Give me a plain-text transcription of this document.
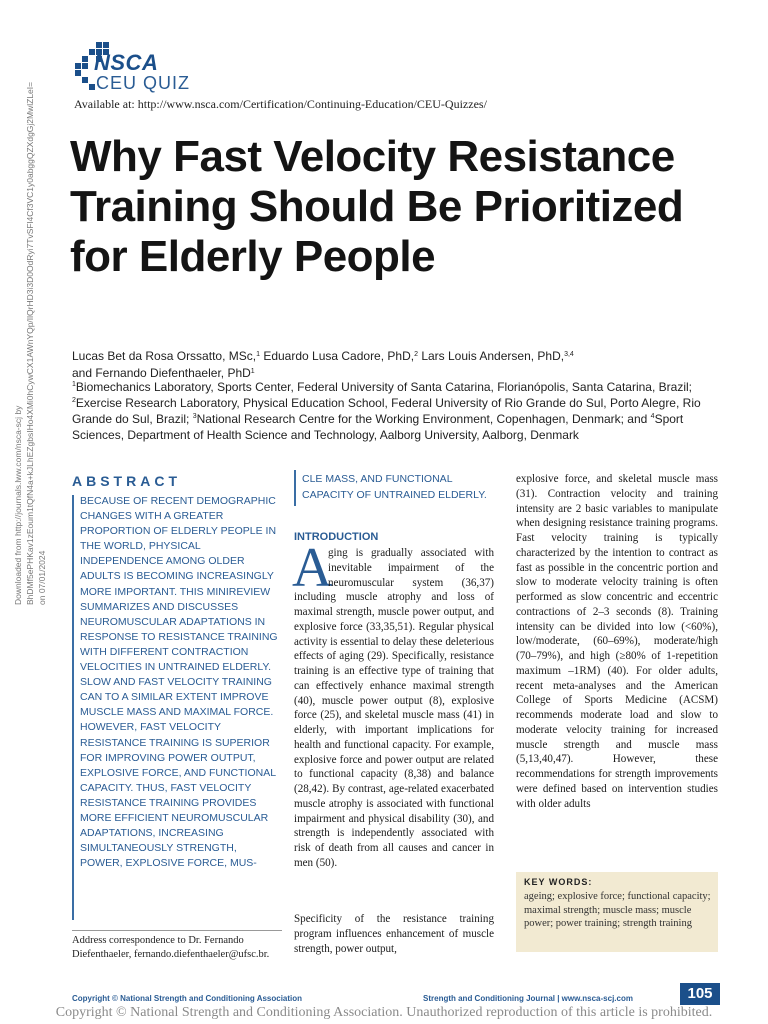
NSCA
CEU QUIZ
Available at: http://www.nsca.com/Certification/Continuing-Education/CEU-Quizzes/
Downloaded from http://journals.lww.com/nsca-scj by BhDMf5ePHKav1zEoum1tQfN4a+kJLhEZgbsIHo4XMi0hCywCX1AWnYQp/IlQrHD3i3D0OdRyi7TvSFl4Cf3VC1y0abggQZXdgGj2MwlZLeI= on 07/01/2024
Why Fast Velocity Resistance Training Should Be Prioritized for Elderly People
Lucas Bet da Rosa Orssatto, MSc,$^1$ Eduardo Lusa Cadore, PhD,$^2$ Lars Louis Andersen, PhD,$^{3,4}$
and Fernando Diefenthaeler, PhD$^1$
$^1$Biomechanics Laboratory, Sports Center, Federal University of Santa Catarina, Florianópolis, Santa Catarina, Brazil; $^2$Exercise Research Laboratory, Physical Education School, Federal University of Rio Grande do Sul, Porto Alegre, Rio Grande do Sul, Brazil; $^3$National Research Centre for the Working Environment, Copenhagen, Denmark; and $^4$Sport Sciences, Department of Health Science and Technology, Aalborg University, Aalborg, Denmark
ABSTRACT
BECAUSE OF RECENT DEMOGRAPHIC CHANGES WITH A GREATER PROPORTION OF ELDERLY PEOPLE IN THE WORLD, PHYSICAL INDEPENDENCE AMONG OLDER ADULTS IS BECOMING INCREASINGLY MORE IMPORTANT. THIS MINIREVIEW SUMMARIZES AND DISCUSSES NEUROMUSCULAR ADAPTATIONS IN RESPONSE TO RESISTANCE TRAINING WITH DIFFERENT CONTRACTION VELOCITIES IN UNTRAINED ELDERLY. SLOW AND FAST VELOCITY TRAINING CAN TO A SIMILAR EXTENT IMPROVE MUSCLE MASS AND MAXIMAL FORCE. HOWEVER, FAST VELOCITY RESISTANCE TRAINING IS SUPERIOR FOR IMPROVING POWER OUTPUT, EXPLOSIVE FORCE, AND FUNCTIONAL CAPACITY. THUS, FAST VELOCITY RESISTANCE TRAINING PROVIDES MORE EFFICIENT NEUROMUSCULAR ADAPTATIONS, INCREASING SIMULTANEOUSLY STRENGTH, POWER, EXPLOSIVE FORCE, MUS-
CLE MASS, AND FUNCTIONAL CAPACITY OF UNTRAINED ELDERLY.
Address correspondence to Dr. Fernando Diefenthaeler, fernando.diefenthaeler@ufsc.br.
INTRODUCTION
A
ging is gradually associated with inevitable impairment of the neuromuscular system (36,37) including muscle atrophy and loss of maximal strength, muscle power output, and explosive force (33,35,51). Regular physical activity is essential to delay these deleterious effects of aging (29). Specifically, resistance training is an effective type of training that can effectively enhance maximal strength (40), muscle power output (8), explosive force (25), and skeletal muscle mass (41) in elderly, with important implications for health and functional capacity. For example, explosive force and power output are related to functional capacity (8,38) and balance (28,42). By contrast, age-related exacerbated muscle atrophy is associated with functional impairment and physical disability (30), and strength is independently associated with risk of death from all causes and cancer in men (50).
Specificity of the resistance training program influences enhancement of muscle strength, power output,
explosive force, and skeletal muscle mass (31). Contraction velocity and training intensity are 2 basic variables to manipulate when designing resistance training programs. Fast velocity training is typically characterized by the intention to contract as fast as possible in the concentric portion and slow to moderate velocity training is often performed as slow concentric and eccentric contractions of 2–3 seconds (8). Training intensity can be divided into low (<60%), low/moderate, (60–69%), moderate/high (70–79%), and high (≥80% of 1-repetition maximum –1RM) (40). For older adults, recent meta-analyses and the American College of Sports Medicine (ACSM) recommends moderate load and slow to moderate velocity training for increased muscle strength and muscle mass (5,13,40,47). However, these recommendations for strength improvements were defined based on intervention studies with older adults
KEY WORDS:
ageing; explosive force; functional capacity; maximal strength; muscle mass; muscle power; power training; strength training
Copyright © National Strength and Conditioning Association	Strength and Conditioning Journal | www.nsca-scj.com	105
Copyright © National Strength and Conditioning Association. Unauthorized reproduction of this article is prohibited.
